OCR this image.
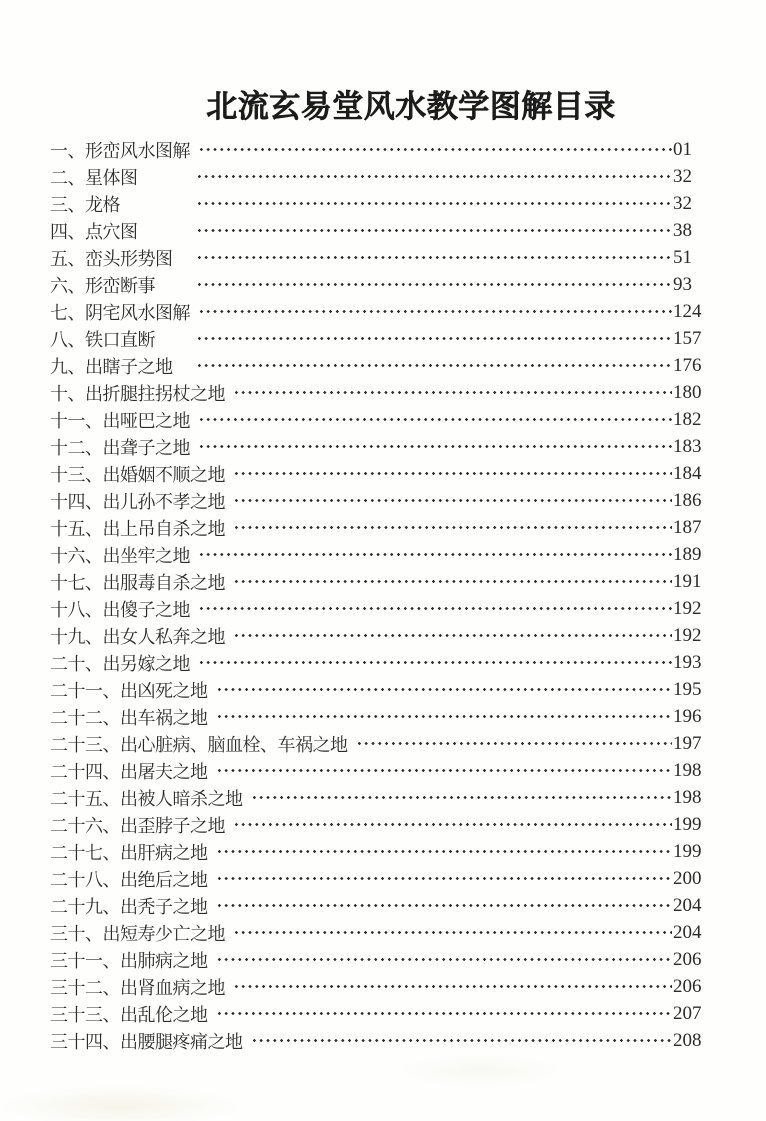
北流玄易堂风水教学图解目录
一、形峦风水图解	01
二、星体图	32
三、龙格	32
四、点穴图	38
五、峦头形势图	51
六、形峦断事	93
七、阴宅风水图解	124
八、铁口直断	157
九、出瞎子之地	176
十、出折腿拄拐杖之地	180
十一、出哑巴之地	182
十二、出聋子之地	183
十三、出婚姻不顺之地	184
十四、出儿孙不孝之地	186
十五、出上吊自杀之地	187
十六、出坐牢之地	189
十七、出服毒自杀之地	191
十八、出傻子之地	192
十九、出女人私奔之地	192
二十、出另嫁之地	193
二十一、出凶死之地	195
二十二、出车祸之地	196
二十三、出心脏病、脑血栓、车祸之地	197
二十四、出屠夫之地	198
二十五、出被人暗杀之地	198
二十六、出歪脖子之地	199
二十七、出肝病之地	199
二十八、出绝后之地	200
二十九、出秃子之地	204
三十、出短寿少亡之地	204
三十一、出肺病之地	206
三十二、出肾血病之地	206
三十三、出乱伦之地	207
三十四、出腰腿疼痛之地	208
